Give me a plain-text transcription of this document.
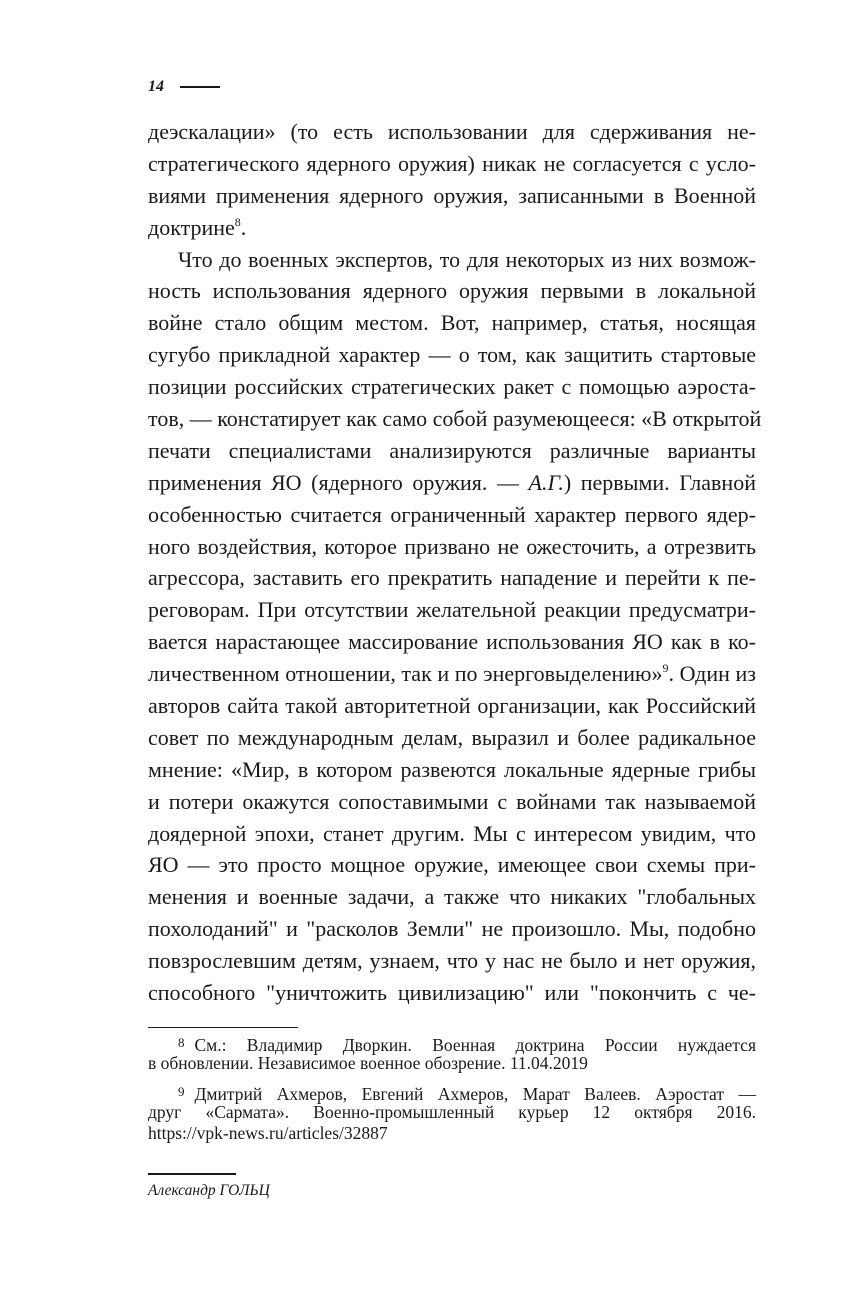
14
деэскалации» (то есть использовании для сдерживания не-
стратегического ядерного оружия) никак не согласуется с усло-
виями применения ядерного оружия, записанными в Военной
доктрине$^8$.
Что до военных экспертов, то для некоторых из них возмож-
ность использования ядерного оружия первыми в локальной
войне стало общим местом. Вот, например, статья, носящая
сугубо прикладной характер — о том, как защитить стартовые
позиции российских стратегических ракет с помощью аэроста-
тов, — констатирует как само собой разумеющееся: «В открытой
печати специалистами анализируются различные варианты
применения ЯО (ядерного оружия. — А.Г.) первыми. Главной
особенностью считается ограниченный характер первого ядер-
ного воздействия, которое призвано не ожесточить, а отрезвить
агрессора, заставить его прекратить нападение и перейти к пе-
реговорам. При отсутствии желательной реакции предусматри-
вается нарастающее массирование использования ЯО как в ко-
личественном отношении, так и по энерговыделению»$^9$. Один из
авторов сайта такой авторитетной организации, как Российский
совет по международным делам, выразил и более радикальное
мнение: «Мир, в котором развеются локальные ядерные грибы
и потери окажутся сопоставимыми с войнами так называемой
доядерной эпохи, станет другим. Мы с интересом увидим, что
ЯО — это просто мощное оружие, имеющее свои схемы при-
менения и военные задачи, а также что никаких "глобальных
похолоданий" и "расколов Земли" не произошло. Мы, подобно
повзрослевшим детям, узнаем, что у нас не было и нет оружия,
способного "уничтожить цивилизацию" или "покончить с че-
$^8$ См.: Владимир Дворкин. Военная доктрина России нуждается
в обновлении. Независимое военное обозрение. 11.04.2019
$^9$ Дмитрий Ахмеров, Евгений Ахмеров, Марат Валеев. Аэростат —
друг «Сармата». Военно-промышленный курьер 12 октября 2016.
https://vpk-news.ru/articles/32887
Александр ГОЛЬЦ
